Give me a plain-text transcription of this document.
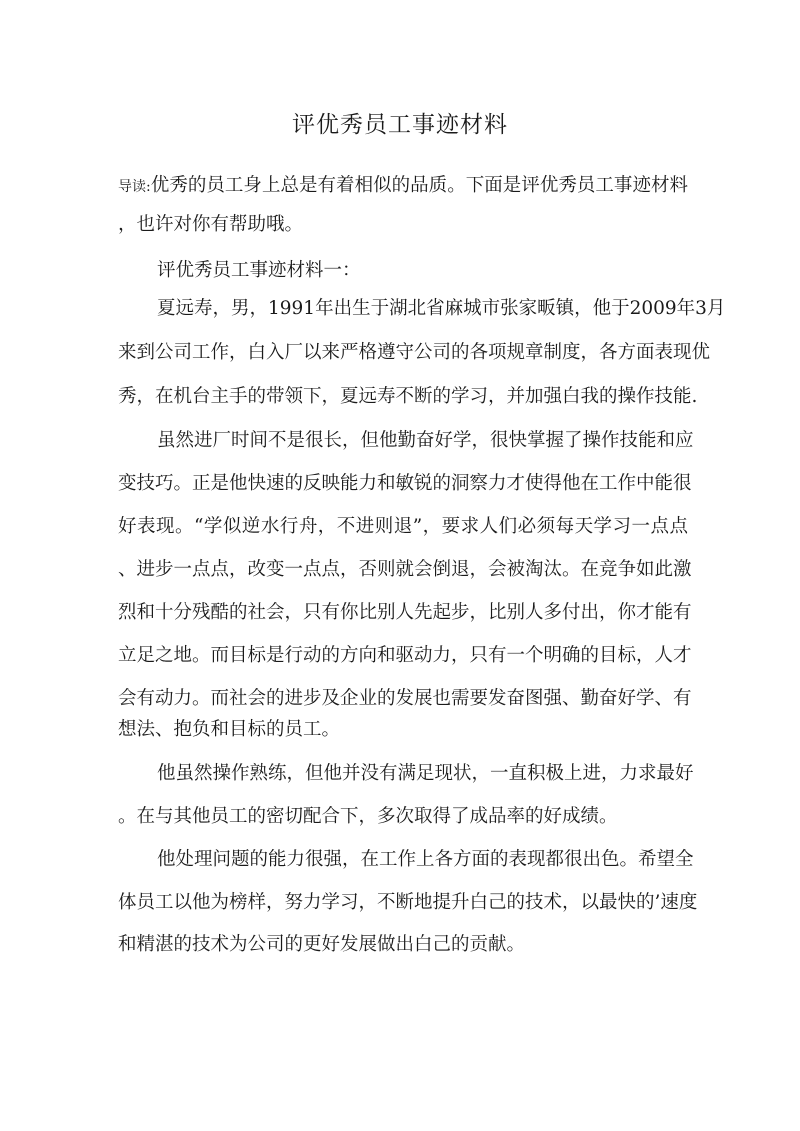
评优秀员工事迹材料
导读:优秀的员工身上总是有着相似的品质。下面是评优秀员工事迹材料
，也许对你有帮助哦。
评优秀员工事迹材料一：
夏远寿，男，1991年出生于湖北省麻城市张家畈镇，他于2009年3月
来到公司工作，白入厂以来严格遵守公司的各项规章制度，各方面表现优
秀，在机台主手的带领下，夏远寿不断的学习，并加强白我的操作技能.
虽然进厂时间不是很长，但他勤奋好学，很快掌握了操作技能和应
变技巧。正是他快速的反映能力和敏锐的洞察力才使得他在工作中能很
好表现。“学似逆水行舟，不进则退”，要求人们必须每天学习一点点
、进步一点点，改变一点点，否则就会倒退，会被淘汰。在竞争如此激
烈和十分残酷的社会，只有你比别人先起步，比别人多付出，你才能有
立足之地。而目标是行动的方向和驱动力，只有一个明确的目标，人才
会有动力。而社会的进步及企业的发展也需要发奋图强、勤奋好学、有
想法、抱负和目标的员工。
他虽然操作熟练，但他并没有满足现状，一直积极上进，力求最好
。在与其他员工的密切配合下，多次取得了成品率的好成绩。
他处理问题的能力很强，在工作上各方面的表现都很出色。希望全
体员工以他为榜样，努力学习，不断地提升白己的技术，以最快的’速度
和精湛的技术为公司的更好发展做出白己的贡献。
